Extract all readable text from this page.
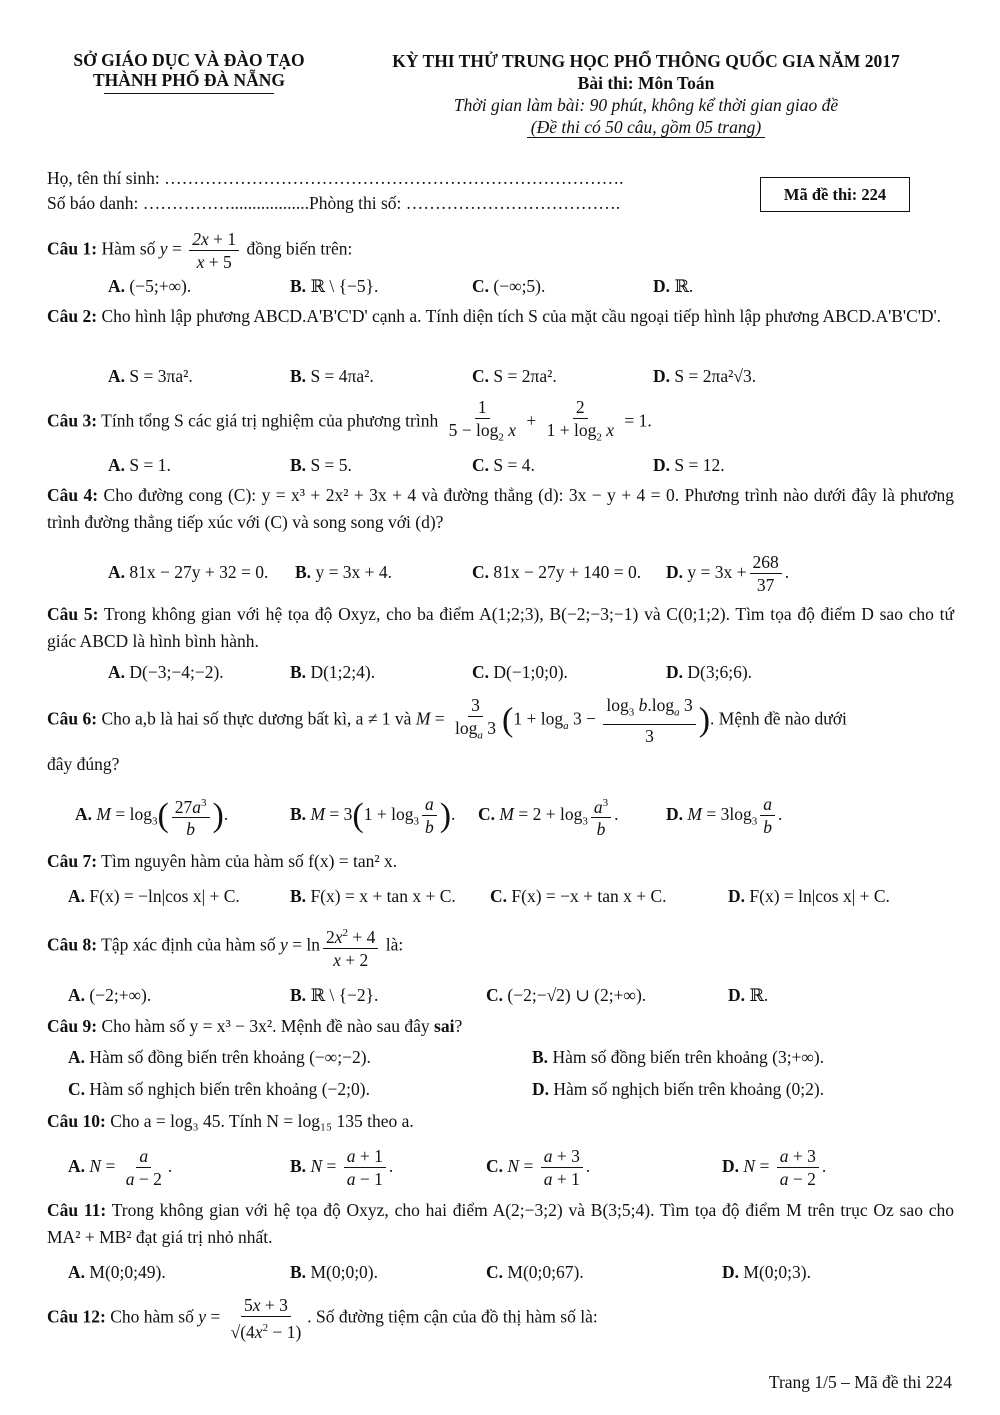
SỞ GIÁO DỤC VÀ ĐÀO TẠO
THÀNH PHỐ ĐÀ NẴNG
KỲ THI THỬ TRUNG HỌC PHỔ THÔNG QUỐC GIA NĂM 2017
Bài thi: Môn Toán
Thời gian làm bài: 90 phút, không kể thời gian giao đề
(Đề thi có 50 câu, gồm 05 trang)
Họ, tên thí sinh: …………………………………………………………………….
Số báo danh: ……………..................Phòng thi số: ……………………………….	Mã đề thi: 224
Câu 1: Hàm số $y = \frac{2x + 1}{x + 5}$ đồng biến trên:
A. (−5;+∞).	B. ℝ \ {−5}.	C. (−∞;5).	D. ℝ.
Câu 2: Cho hình lập phương ABCD.A'B'C'D' cạnh a. Tính diện tích S của mặt cầu ngoại tiếp hình lập phương ABCD.A'B'C'D'.
A. S = 3πa².	B. S = 4πa².	C. S = 2πa².	D. S = 2πa²√3.
Câu 3: Tính tổng S các giá trị nghiệm của phương trình $\frac{1}{5 - \log_2 x} + \frac{2}{1 + \log_2 x} = 1$.
A. S = 1.	B. S = 5.	C. S = 4.	D. S = 12.
Câu 4: Cho đường cong (C): y = x³ + 2x² + 3x + 4 và đường thẳng (d): 3x − y + 4 = 0. Phương trình nào dưới đây là phương trình đường thẳng tiếp xúc với (C) và song song với (d)?
A. 81x − 27y + 32 = 0. B. y = 3x + 4.	C. 81x − 27y + 140 = 0. D. $y = 3x + \frac{268}{37}$ .
Câu 5: Trong không gian với hệ tọa độ Oxyz, cho ba điểm A(1;2;3), B(−2;−3;−1) và C(0;1;2). Tìm tọa độ điểm D sao cho tứ giác ABCD là hình bình hành.
A. D(−3;−4;−2).	B. D(1;2;4).	C. D(−1;0;0).	D. D(3;6;6).
Câu 6: Cho a,b là hai số thực dương bất kì, a ≠ 1 và $M = \frac{3}{\log_a 3} (1 + \log_a 3 - \frac{\log_3 b.\log_a 3}{3}$ ). Mệnh đề nào dưới
đây đúng?
A. $M = \log_3( \frac{27a^3}{b}$ ).	B. $M = 3(1 + \log_3 \frac{a}{b}$ ). C. $M = 2 + \log_3 \frac{a^3}{b}$ .	D. $M = 3\log_3 \frac{a}{b}$ .
Câu 7: Tìm nguyên hàm của hàm số f(x) = tan² x.
A. F(x) = −ln|cos x| + C.	B. F(x) = x + tan x + C. C. F(x) = −x + tan x + C.	D. F(x) = ln|cos x| + C.
Câu 8: Tập xác định của hàm số $y = \ln \frac{2x^2 + 4}{x + 2}$ là:
A. (−2;+∞).	B. ℝ \ {−2}.	C. (−2;−√2) ∪ (2;+∞).	D. ℝ.
Câu 9: Cho hàm số y = x³ − 3x². Mệnh đề nào sau đây sai?
A. Hàm số đồng biến trên khoảng (−∞;−2).	B. Hàm số đồng biến trên khoảng (3;+∞).
C. Hàm số nghịch biến trên khoảng (−2;0).	D. Hàm số nghịch biến trên khoảng (0;2).
Câu 10: Cho a = log₃ 45. Tính N = log₁₅ 135 theo a.
A. $N = \frac{a}{a - 2}$ .	B. $N = \frac{a + 1}{a - 1}$ .	C. $N = \frac{a + 3}{a + 1}$ .	D. $N = \frac{a + 3}{a - 2}$ .
Câu 11: Trong không gian với hệ tọa độ Oxyz, cho hai điểm A(2;−3;2) và B(3;5;4). Tìm tọa độ điểm M trên trục Oz sao cho MA² + MB² đạt giá trị nhỏ nhất.
A. M(0;0;49).	B. M(0;0;0).	C. M(0;0;67).	D. M(0;0;3).
Câu 12: Cho hàm số $y = \frac{5x + 3}{√(4x^2 - 1)}$ . Số đường tiệm cận của đồ thị hàm số là:
Trang 1/5 – Mã đề thi 224
